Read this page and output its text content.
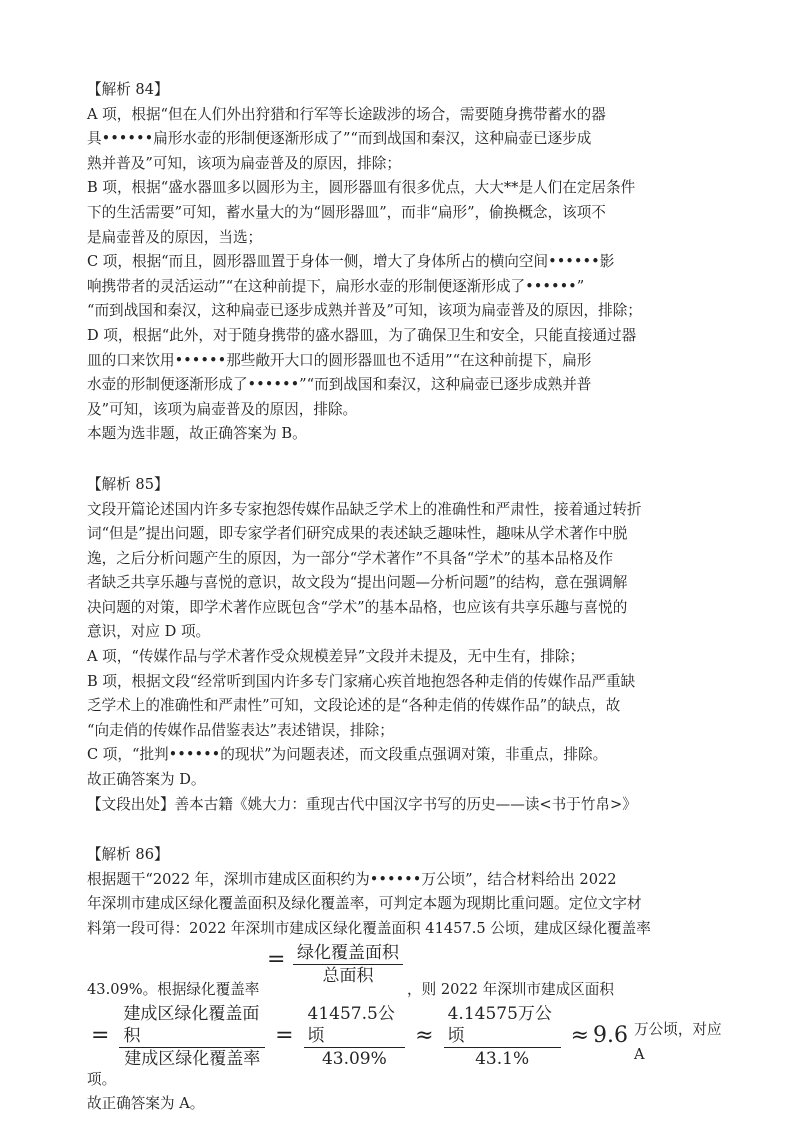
【解析 84】

A 项，根据“但在人们外出狩猎和行军等长途跋涉的场合，需要随身携带蓄水的器

具••••••扁形水壶的形制便逐渐形成了”“而到战国和秦汉，这种扁壶已逐步成

熟并普及”可知，该项为扁壶普及的原因，排除；

B 项，根据“盛水器皿多以圆形为主，圆形器皿有很多优点，大大**是人们在定居条件

下的生活需要”可知，蓄水量大的为“圆形器皿”，而非“扁形”，偷换概念，该项不

是扁壶普及的原因，当选；

C 项，根据“而且，圆形器皿置于身体一侧，增大了身体所占的横向空间••••••影

响携带者的灵活运动”“在这种前提下，扁形水壶的形制便逐渐形成了••••••”

“而到战国和秦汉，这种扁壶已逐步成熟并普及”可知，该项为扁壶普及的原因，排除；

D 项，根据“此外，对于随身携带的盛水器皿，为了确保卫生和安全，只能直接通过器

皿的口来饮用••••••那些敞开大口的圆形器皿也不适用”“在这种前提下，扁形

水壶的形制便逐渐形成了••••••”“而到战国和秦汉，这种扁壶已逐步成熟并普

及”可知，该项为扁壶普及的原因，排除。

本题为选非题，故正确答案为 B。

【解析 85】

文段开篇论述国内许多专家抱怨传媒作品缺乏学术上的准确性和严肃性，接着通过转折

词“但是”提出问题，即专家学者们研究成果的表述缺乏趣味性，趣味从学术著作中脱

逸，之后分析问题产生的原因，为一部分“学术著作”不具备“学术”的基本品格及作

者缺乏共享乐趣与喜悦的意识，故文段为“提出问题—分析问题”的结构，意在强调解

决问题的对策，即学术著作应既包含“学术”的基本品格，也应该有共享乐趣与喜悦的

意识，对应 D 项。

A 项，“传媒作品与学术著作受众规模差异”文段并未提及，无中生有，排除；

B 项，根据文段“经常听到国内许多专门家痛心疾首地抱怨各种走俏的传媒作品严重缺

乏学术上的准确性和严肃性”可知，文段论述的是“各种走俏的传媒作品”的缺点，故

“向走俏的传媒作品借鉴表达”表述错误，排除；

C 项，“批判••••••的现状”为问题表述，而文段重点强调对策，非重点，排除。

故正确答案为 D。

【文段出处】善本古籍《姚大力：重现古代中国汉字书写的历史——读<书于竹帛>》

【解析 86】

根据题干“2022 年，深圳市建成区面积约为••••••万公顷”，结合材料给出 2022

年深圳市建成区绿化覆盖面积及绿化覆盖率，可判定本题为现期比重问题。定位文字材

料第一段可得：2022 年深圳市建成区绿化覆盖面积 41457.5 公顷，建成区绿化覆盖率

43.09%。根据绿化覆盖率
= 绿化覆盖面积
总面积
，则 2022 年深圳市建成区面积
= $\frac{\text{建成区绿化覆盖面积}}{\text{建成区绿化覆盖率}} = \frac{\text{41457.5公顷}}{43.09\%} \approx \frac{\text{4.14575万公顷}}{43.1\%} \approx 9.6$ 万公顷，对应 A

项。

故正确答案为 A。
